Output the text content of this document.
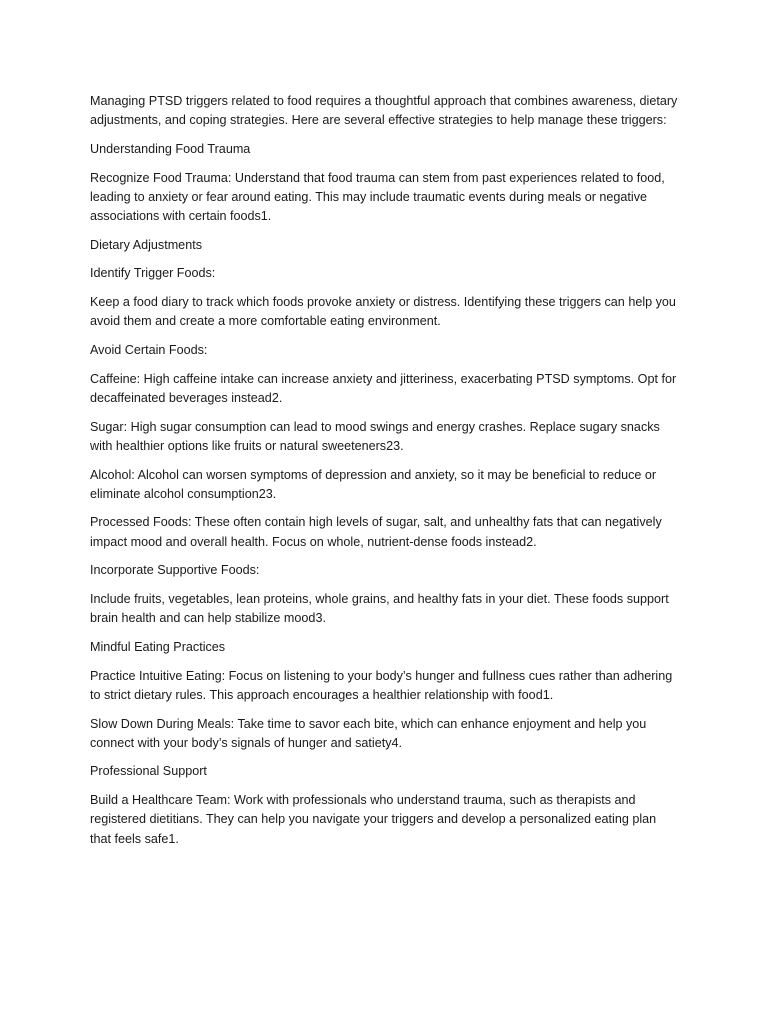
Managing PTSD triggers related to food requires a thoughtful approach that combines awareness, dietary adjustments, and coping strategies. Here are several effective strategies to help manage these triggers:

Understanding Food Trauma

Recognize Food Trauma: Understand that food trauma can stem from past experiences related to food, leading to anxiety or fear around eating. This may include traumatic events during meals or negative associations with certain foods1.

Dietary Adjustments

Identify Trigger Foods:

Keep a food diary to track which foods provoke anxiety or distress. Identifying these triggers can help you avoid them and create a more comfortable eating environment.

Avoid Certain Foods:

Caffeine: High caffeine intake can increase anxiety and jitteriness, exacerbating PTSD symptoms. Opt for decaffeinated beverages instead2.

Sugar: High sugar consumption can lead to mood swings and energy crashes. Replace sugary snacks with healthier options like fruits or natural sweeteners23.

Alcohol: Alcohol can worsen symptoms of depression and anxiety, so it may be beneficial to reduce or eliminate alcohol consumption23.

Processed Foods: These often contain high levels of sugar, salt, and unhealthy fats that can negatively impact mood and overall health. Focus on whole, nutrient-dense foods instead2.

Incorporate Supportive Foods:

Include fruits, vegetables, lean proteins, whole grains, and healthy fats in your diet. These foods support brain health and can help stabilize mood3.

Mindful Eating Practices

Practice Intuitive Eating: Focus on listening to your body’s hunger and fullness cues rather than adhering to strict dietary rules. This approach encourages a healthier relationship with food1.

Slow Down During Meals: Take time to savor each bite, which can enhance enjoyment and help you connect with your body’s signals of hunger and satiety4.

Professional Support

Build a Healthcare Team: Work with professionals who understand trauma, such as therapists and registered dietitians. They can help you navigate your triggers and develop a personalized eating plan that feels safe1.
